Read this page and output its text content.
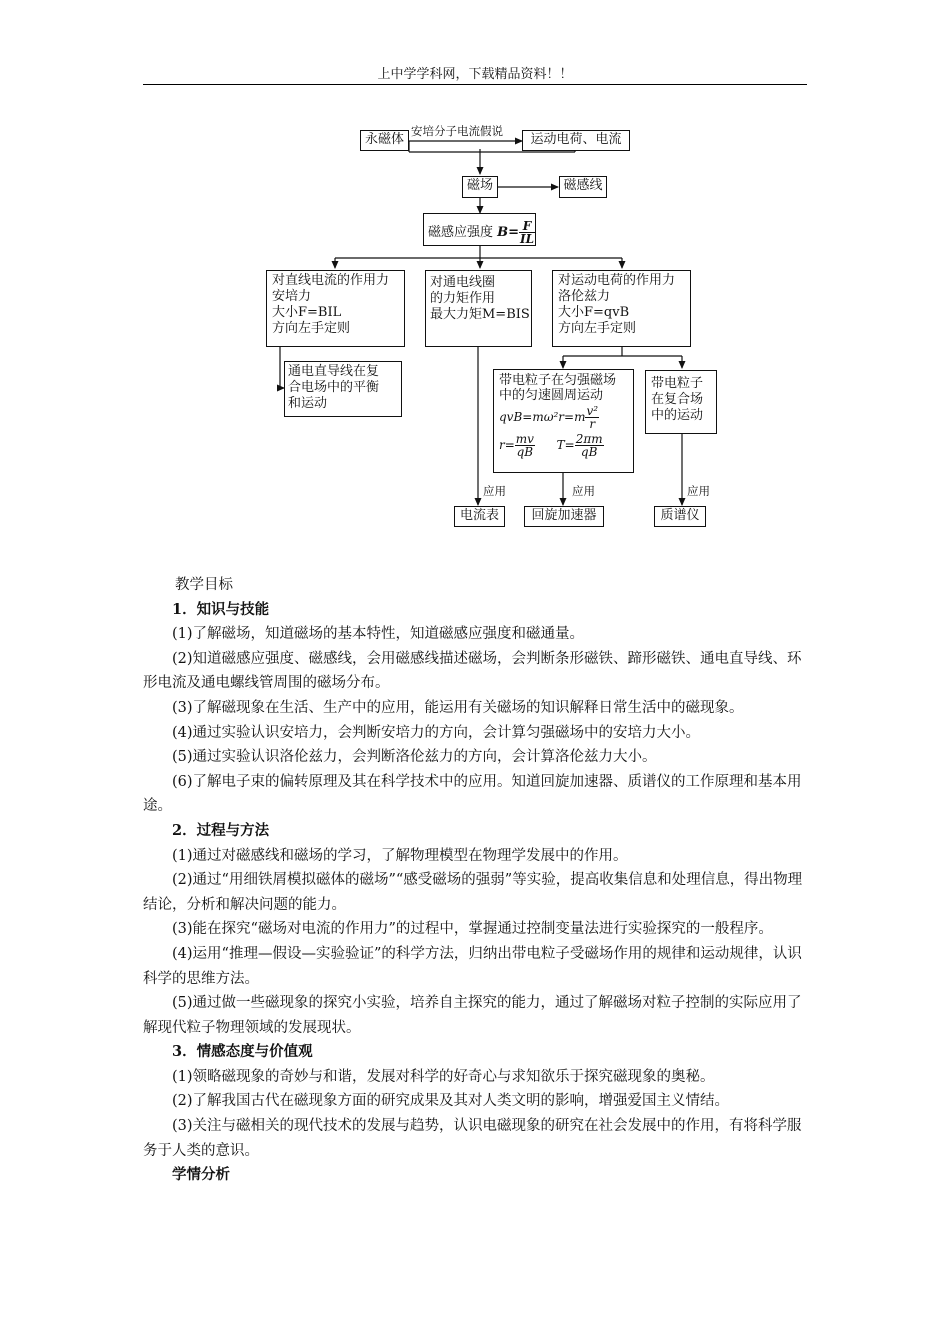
上中学学科网，下载精品资料！！
永磁体
安培分子电流假说
运动电荷、电流
磁场	磁感线
磁感应强度 $B= \frac{F}{IL}$
对直线电流的作用力
安培力
大小F=BIL
方向左手定则
通电直导线在复
合电场中的平衡
和运动
对通电线圈
的力矩作用
最大力矩M=BIS
对运动电荷的作用力
洛伦兹力
大小F=qvB
方向左手定则
带电粒子在匀强磁场
中的匀速圆周运动
$qvB=m\omega^2r=m \frac{\text{v²}}{r}$
$r= \frac{mv}{qB} T= \frac{2\pi m}{qB}$
带电粒子
在复合场
中的运动
应用	应用	应用
电流表	回旋加速器	质谱仪

教学目标

1．知识与技能

(1)了解磁场，知道磁场的基本特性，知道磁感应强度和磁通量。

(2)知道磁感应强度、磁感线，会用磁感线描述磁场，会判断条形磁铁、蹄形磁铁、通电直导线、环形电流及通电螺线管周围的磁场分布。

(3)了解磁现象在生活、生产中的应用，能运用有关磁场的知识解释日常生活中的磁现象。

(4)通过实验认识安培力，会判断安培力的方向，会计算匀强磁场中的安培力大小。

(5)通过实验认识洛伦兹力，会判断洛伦兹力的方向，会计算洛伦兹力大小。

(6)了解电子束的偏转原理及其在科学技术中的应用。知道回旋加速器、质谱仪的工作原理和基本用途。

2．过程与方法

(1)通过对磁感线和磁场的学习，了解物理模型在物理学发展中的作用。

(2)通过“用细铁屑模拟磁体的磁场”“感受磁场的强弱”等实验，提高收集信息和处理信息，得出物理结论，分析和解决问题的能力。

(3)能在探究“磁场对电流的作用力”的过程中，掌握通过控制变量法进行实验探究的一般程序。

(4)运用“推理—假设—实验验证”的科学方法，归纳出带电粒子受磁场作用的规律和运动规律，认识科学的思维方法。

(5)通过做一些磁现象的探究小实验，培养自主探究的能力，通过了解磁场对粒子控制的实际应用了解现代粒子物理领域的发展现状。

3．情感态度与价值观

(1)领略磁现象的奇妙与和谐，发展对科学的好奇心与求知欲乐于探究磁现象的奥秘。

(2)了解我国古代在磁现象方面的研究成果及其对人类文明的影响，增强爱国主义情结。

(3)关注与磁相关的现代技术的发展与趋势，认识电磁现象的研究在社会发展中的作用，有将科学服务于人类的意识。

学情分析
